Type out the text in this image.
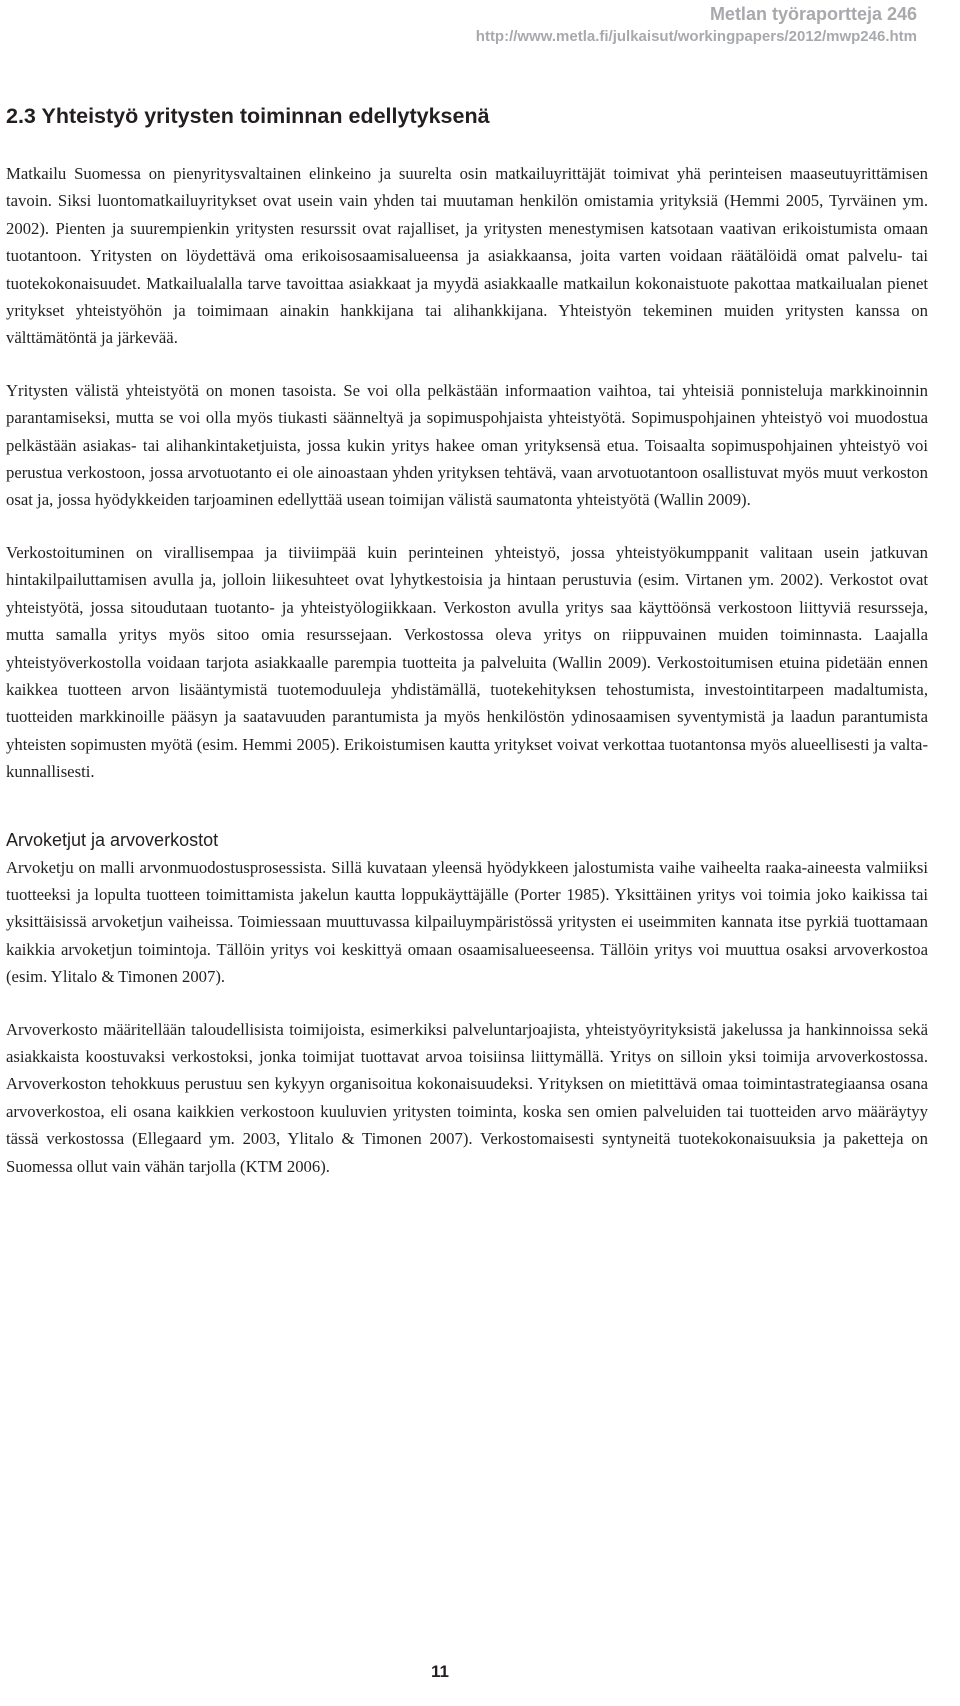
Metlan työraportteja 246
http://www.metla.fi/julkaisut/workingpapers/2012/mwp246.htm
2.3 Yhteistyö yritysten toiminnan edellytyksenä

Matkailu Suomessa on pienyritysvaltainen elinkeino ja suurelta osin matkailuyrittäjät toimivat yhä perinteisen maaseutuyrittämisen tavoin. Siksi luontomatkailuyritykset ovat usein vain yhden tai muutaman henkilön omistamia yrityksiä (Hemmi 2005, Tyrväinen ym. 2002). Pienten ja suurempienkin yritysten resurssit ovat rajalliset, ja yritysten menestymisen katsotaan vaativan erikoistumista omaan tuotantoon. Yritysten on löydettävä oma erikoisosaamisalueensa ja asiakkaansa, joita varten voidaan räätälöidä omat palvelu- tai tuotekokonaisuudet. Matkailualalla tarve tavoittaa asiakkaat ja myydä asiakkaalle matkailun kokonaistuote pakottaa matkailualan pienet yritykset yhteistyöhön ja toimimaan ainakin hankkijana tai alihankkijana. Yhteistyön tekeminen muiden yritysten kanssa on välttämätöntä ja järkevää.

Yritysten välistä yhteistyötä on monen tasoista. Se voi olla pelkästään informaation vaihtoa, tai yhteisiä ponnisteluja markkinoinnin parantamiseksi, mutta se voi olla myös tiukasti säänneltyä ja sopimuspohjaista yhteistyötä. Sopimuspohjainen yhteistyö voi muodostua pelkästään asiakas- tai alihankintaketjuista, jossa kukin yritys hakee oman yrityksensä etua. Toisaalta sopimuspohjainen yhteistyö voi perustua verkostoon, jossa arvotuotanto ei ole ainoastaan yhden yrityksen tehtävä, vaan arvotuotantoon osallistuvat myös muut verkoston osat ja, jossa hyödykkeiden tarjoaminen edellyttää usean toimijan välistä saumatonta yhteistyötä (Wallin 2009).

Verkostoituminen on virallisempaa ja tiiviimpää kuin perinteinen yhteistyö, jossa yhteistyökumppanit valitaan usein jatkuvan hintakilpailuttamisen avulla ja, jolloin liikesuhteet ovat lyhytkestoisia ja hintaan perustuvia (esim. Virtanen ym. 2002). Verkostot ovat yhteistyötä, jossa sitoudutaan tuotanto- ja yhteistyölogiikkaan. Verkoston avulla yritys saa käyttöönsä verkostoon liittyviä resursseja, mutta samalla yritys myös sitoo omia resurssejaan. Verkostossa oleva yritys on riippuvainen muiden toiminnasta. Laajalla yhteistyöverkostolla voidaan tarjota asiakkaalle parempia tuotteita ja palveluita (Wallin 2009). Verkostoitumisen etuina pidetään ennen kaikkea tuotteen arvon lisääntymistä tuotemoduuleja yhdistämällä, tuotekehityksen tehostumista, investointitarpeen madaltumista, tuotteiden markkinoille pääsyn ja saatavuuden parantumista ja myös henkilöstön ydinosaamisen syventymistä ja laadun parantumista yhteisten sopimusten myötä (esim. Hemmi 2005). Erikoistumisen kautta yritykset voivat verkottaa tuotantonsa myös alueellisesti ja valtakunnallisesti.

Arvoketjut ja arvoverkostot

Arvoketju on malli arvonmuodostusprosessista. Sillä kuvataan yleensä hyödykkeen jalostumista vaihe vaiheelta raaka-aineesta valmiiksi tuotteeksi ja lopulta tuotteen toimittamista jakelun kautta loppukäyttäjälle (Porter 1985). Yksittäinen yritys voi toimia joko kaikissa tai yksittäisissä arvoketjun vaiheissa. Toimiessaan muuttuvassa kilpailuympäristössä yritysten ei useimmiten kannata itse pyrkiä tuottamaan kaikkia arvoketjun toimintoja. Tällöin yritys voi keskittyä omaan osaamisalueeseensa. Tällöin yritys voi muuttua osaksi arvoverkostoa (esim. Ylitalo & Timonen 2007).

Arvoverkosto määritellään taloudellisista toimijoista, esimerkiksi palveluntarjoajista, yhteistyöyrityksistä jakelussa ja hankinnoissa sekä asiakkaista koostuvaksi verkostoksi, jonka toimijat tuottavat arvoa toisiinsa liittymällä. Yritys on silloin yksi toimija arvoverkostossa. Arvoverkoston tehokkuus perustuu sen kykyyn organisoitua kokonaisuudeksi. Yrityksen on mietittävä omaa toimintastrategiaansa osana arvoverkostoa, eli osana kaikkien verkostoon kuuluvien yritysten toiminta, koska sen omien palveluiden tai tuotteiden arvo määräytyy tässä verkostossa (Ellegaard ym. 2003, Ylitalo & Timonen 2007). Verkostomaisesti syntyneitä tuotekokonaisuuksia ja paketteja on Suomessa ollut vain vähän tarjolla (KTM 2006).

11
